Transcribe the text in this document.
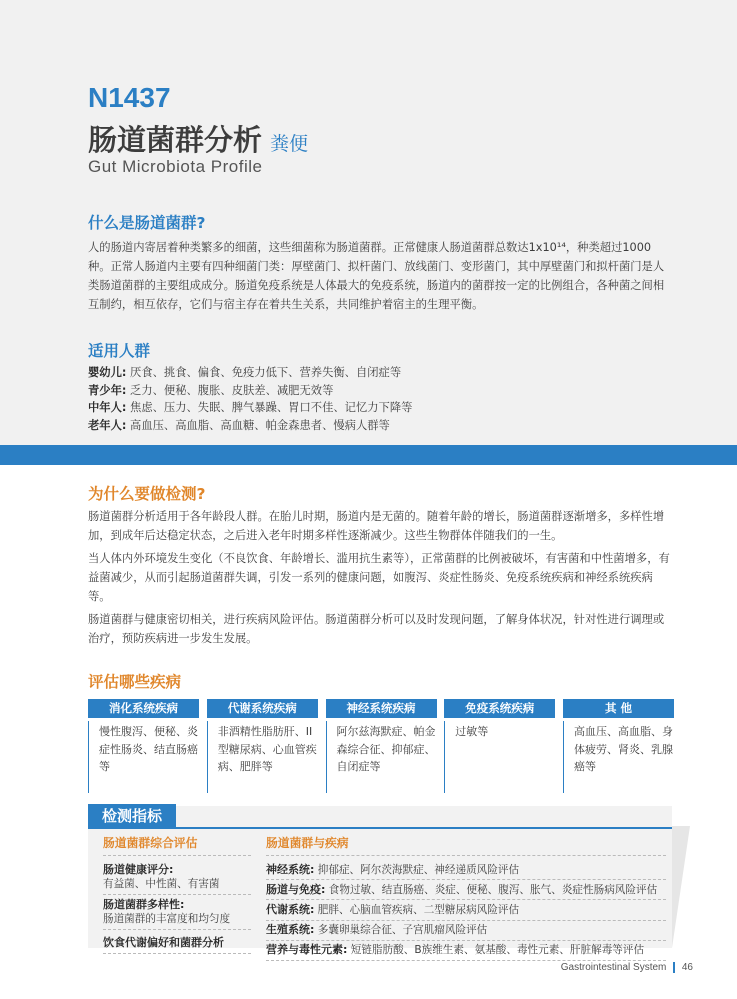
N1437
肠道菌群分析 粪便
Gut Microbiota Profile
什么是肠道菌群?
人的肠道内寄居着种类繁多的细菌，这些细菌称为肠道菌群。正常健康人肠道菌群总数达1x10¹⁴，种类超过1000种。正常人肠道内主要有四种细菌门类：厚壁菌门、拟杆菌门、放线菌门、变形菌门，其中厚壁菌门和拟杆菌门是人类肠道菌群的主要组成成分。肠道免疫系统是人体最大的免疫系统，肠道内的菌群按一定的比例组合，各种菌之间相互制约，相互依存，它们与宿主存在着共生关系，共同维护着宿主的生理平衡。
适用人群
婴幼儿: 厌食、挑食、偏食、免疫力低下、营养失衡、自闭症等
青少年: 乏力、便秘、腹胀、皮肤差、减肥无效等
中年人: 焦虑、压力、失眠、脾气暴躁、胃口不佳、记忆力下降等
老年人: 高血压、高血脂、高血糖、帕金森患者、慢病人群等
为什么要做检测?

肠道菌群分析适用于各年龄段人群。在胎儿时期，肠道内是无菌的。随着年龄的增长，肠道菌群逐渐增多，多样性增加，到成年后达稳定状态，之后进入老年时期多样性逐渐减少。这些生物群体伴随我们的一生。

当人体内外环境发生变化（不良饮食、年龄增长、滥用抗生素等），正常菌群的比例被破坏，有害菌和中性菌增多，有益菌减少，从而引起肠道菌群失调，引发一系列的健康问题，如腹泻、炎症性肠炎、免疫系统疾病和神经系统疾病等。

肠道菌群与健康密切相关，进行疾病风险评估。肠道菌群分析可以及时发现问题，了解身体状况，针对性进行调理或治疗，预防疾病进一步发生发展。

评估哪些疾病
消化系统疾病
慢性腹泻、便秘、炎症性肠炎、结直肠癌等
代谢系统疾病
非酒精性脂肪肝、II型糖尿病、心血管疾病、肥胖等
神经系统疾病
阿尔兹海默症、帕金森综合征、抑郁症、自闭症等
免疫系统疾病
过敏等
其 他
高血压、高血脂、身体疲劳、肾炎、乳腺癌等
检测指标
肠道菌群综合评估
肠道健康评分:
有益菌、中性菌、有害菌
肠道菌群多样性:
肠道菌群的丰富度和均匀度
饮食代谢偏好和菌群分析
肠道菌群与疾病
神经系统: 抑郁症、阿尔茨海默症、神经递质风险评估
肠道与免疫: 食物过敏、结直肠癌、炎症、便秘、腹泻、胀气、炎症性肠病风险评估
代谢系统: 肥胖、心脑血管疾病、二型糖尿病风险评估
生殖系统: 多囊卵巢综合征、子宫肌瘤风险评估
营养与毒性元素: 短链脂肪酸、B族维生素、氨基酸、毒性元素、肝脏解毒等评估
Gastrointestinal System 46
